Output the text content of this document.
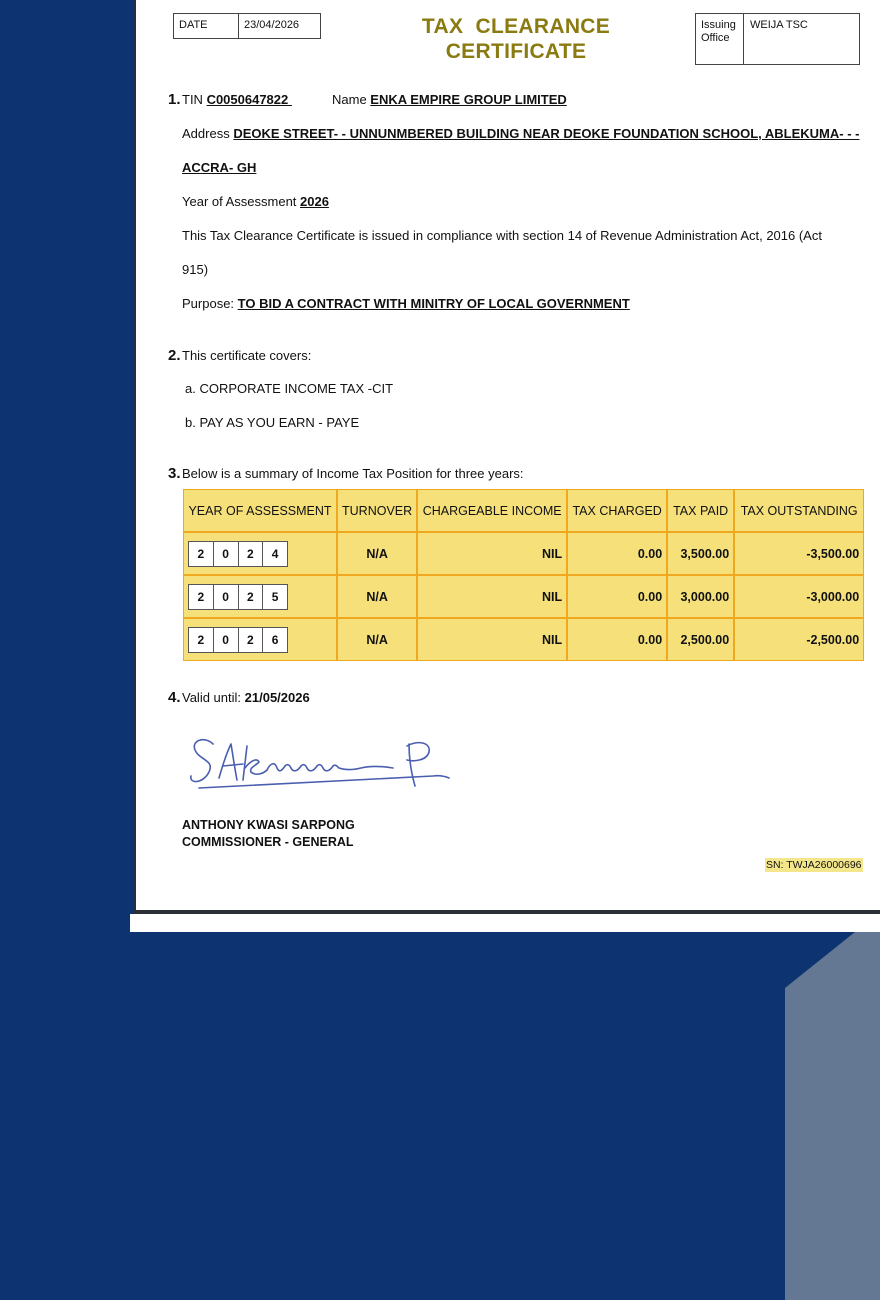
DATE	23/04/2026	TAX  CLEARANCE
CERTIFICATE
Issuing
Office
WEIJA TSC
1. TIN C0050647822	Name ENKA EMPIRE GROUP LIMITED
Address DEOKE STREET- - UNNUNMBERED BUILDING NEAR DEOKE FOUNDATION SCHOOL, ABLEKUMA- - -
ACCRA- GH
Year of Assessment 2026
This Tax Clearance Certificate is issued in compliance with section 14 of Revenue Administration Act, 2016 (Act
915)
Purpose: TO BID A CONTRACT WITH MINITRY OF LOCAL GOVERNMENT
2. This certificate covers:
a. CORPORATE INCOME TAX -CIT
b. PAY AS YOU EARN - PAYE
3. Below is a summary of Income Tax Position for three years:
YEAR OF ASSESSMENT	TURNOVER	CHARGEABLE INCOME	TAX CHARGED	TAX PAID	TAX OUTSTANDING

2 0 2 4	N/A	NIL	0.00	3,500.00	-3,500.00

2 0 2 5	N/A	NIL	0.00	3,000.00	-3,000.00

2 0 2 6	N/A	NIL	0.00	2,500.00	-2,500.00
4. Valid until: 21/05/2026
ANTHONY KWASI SARPONG
COMMISSIONER - GENERAL
SN: TWJA26000696
